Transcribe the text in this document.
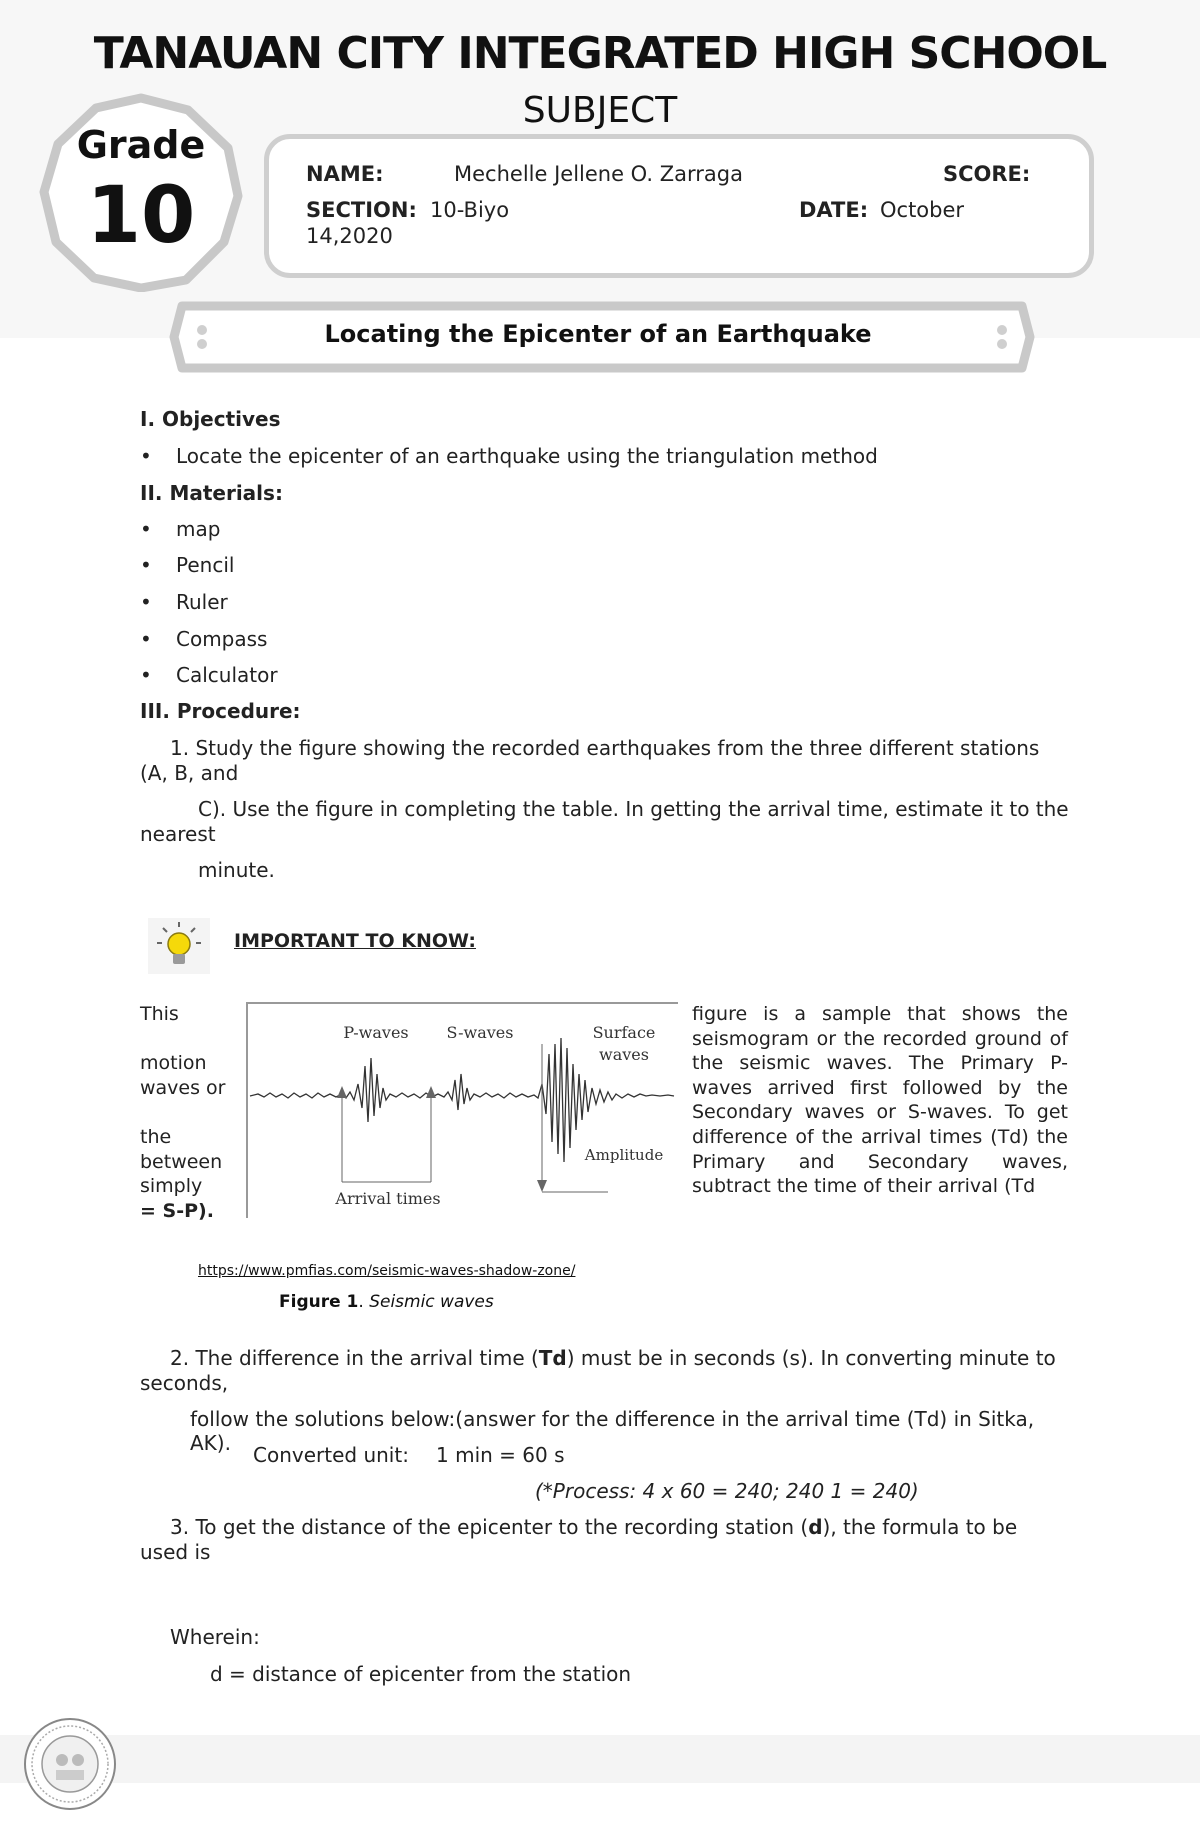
TANAUAN CITY INTEGRATED HIGH SCHOOL
SUBJECT
Grade
10	NAME:	Mechelle Jellene O. Zarraga	SCORE:
SECTION: 10-Biyo	DATE: October
14,2020
Locating the Epicenter of an Earthquake
I. Objectives
• Locate the epicenter of an earthquake using the triangulation method
II. Materials:
• map
• Pencil
• Ruler
• Compass
• Calculator
III. Procedure:
1. Study the figure showing the recorded earthquakes from the three different stations (A, B, and
C). Use the figure in completing the table. In getting the arrival time, estimate it to the nearest
minute.
IMPORTANT TO KNOW:
This
motion
waves or
the
between
simply
= S-P).
figure is a sample that shows the seismogram or the recorded ground of the seismic waves. The Primary P-waves arrived first followed by the Secondary waves or S-waves. To get difference of the arrival times (Td) the Primary and Secondary waves, subtract the time of their arrival (Td
P-waves S-waves	Surface
waves
Arrival times
Amplitude
https://www.pmfias.com/seismic-waves-shadow-zone/
Figure 1. Seismic waves
2. The difference in the arrival time (Td) must be in seconds (s). In converting minute to seconds,
follow the solutions below:(answer for the difference in the arrival time (Td) in Sitka, AK).	Converted unit:	1 min = 60 s
(*Process: 4 x 60 = 240; 240 1 = 240)
3. To get the distance of the epicenter to the recording station (d), the formula to be used is
Wherein:
d = distance of epicenter from the station
